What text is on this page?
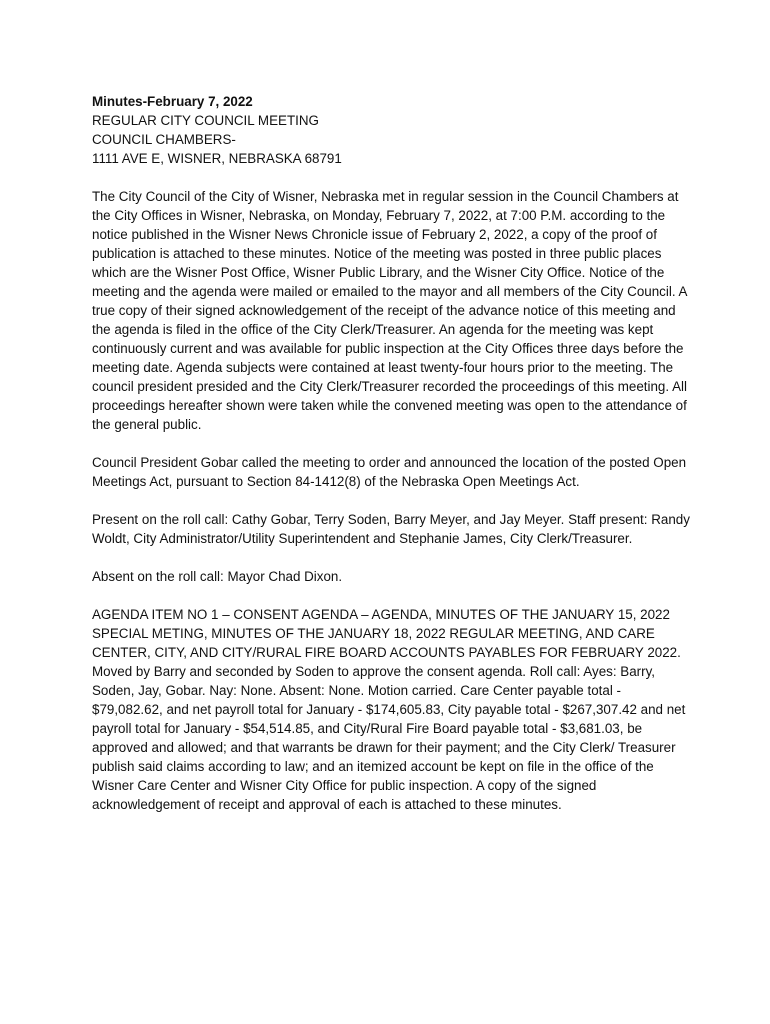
Minutes-February 7, 2022

REGULAR CITY COUNCIL MEETING

COUNCIL CHAMBERS-

1111 AVE E, WISNER, NEBRASKA 68791

The City Council of the City of Wisner, Nebraska met in regular session in the Council Chambers at the City Offices in Wisner, Nebraska, on Monday, February 7, 2022, at 7:00 P.M. according to the notice published in the Wisner News Chronicle issue of February 2, 2022, a copy of the proof of publication is attached to these minutes. Notice of the meeting was posted in three public places which are the Wisner Post Office, Wisner Public Library, and the Wisner City Office. Notice of the meeting and the agenda were mailed or emailed to the mayor and all members of the City Council. A true copy of their signed acknowledgement of the receipt of the advance notice of this meeting and the agenda is filed in the office of the City Clerk/Treasurer. An agenda for the meeting was kept continuously current and was available for public inspection at the City Offices three days before the meeting date. Agenda subjects were contained at least twenty-four hours prior to the meeting. The council president presided and the City Clerk/Treasurer recorded the proceedings of this meeting. All proceedings hereafter shown were taken while the convened meeting was open to the attendance of the general public.

Council President Gobar called the meeting to order and announced the location of the posted Open Meetings Act, pursuant to Section 84-1412(8) of the Nebraska Open Meetings Act.

Present on the roll call: Cathy Gobar, Terry Soden, Barry Meyer, and Jay Meyer. Staff present: Randy Woldt, City Administrator/Utility Superintendent and Stephanie James, City Clerk/Treasurer.

Absent on the roll call: Mayor Chad Dixon.

AGENDA ITEM NO 1 – CONSENT AGENDA – AGENDA, MINUTES OF THE JANUARY 15, 2022 SPECIAL METING, MINUTES OF THE JANUARY 18, 2022 REGULAR MEETING, AND CARE CENTER, CITY, AND CITY/RURAL FIRE BOARD ACCOUNTS PAYABLES FOR FEBRUARY 2022. Moved by Barry and seconded by Soden to approve the consent agenda. Roll call: Ayes: Barry, Soden, Jay, Gobar. Nay: None. Absent: None. Motion carried. Care Center payable total - $79,082.62, and net payroll total for January - $174,605.83, City payable total - $267,307.42 and net payroll total for January - $54,514.85, and City/Rural Fire Board payable total - $3,681.03, be approved and allowed; and that warrants be drawn for their payment; and the City Clerk/ Treasurer publish said claims according to law; and an itemized account be kept on file in the office of the Wisner Care Center and Wisner City Office for public inspection. A copy of the signed acknowledgement of receipt and approval of each is attached to these minutes.
